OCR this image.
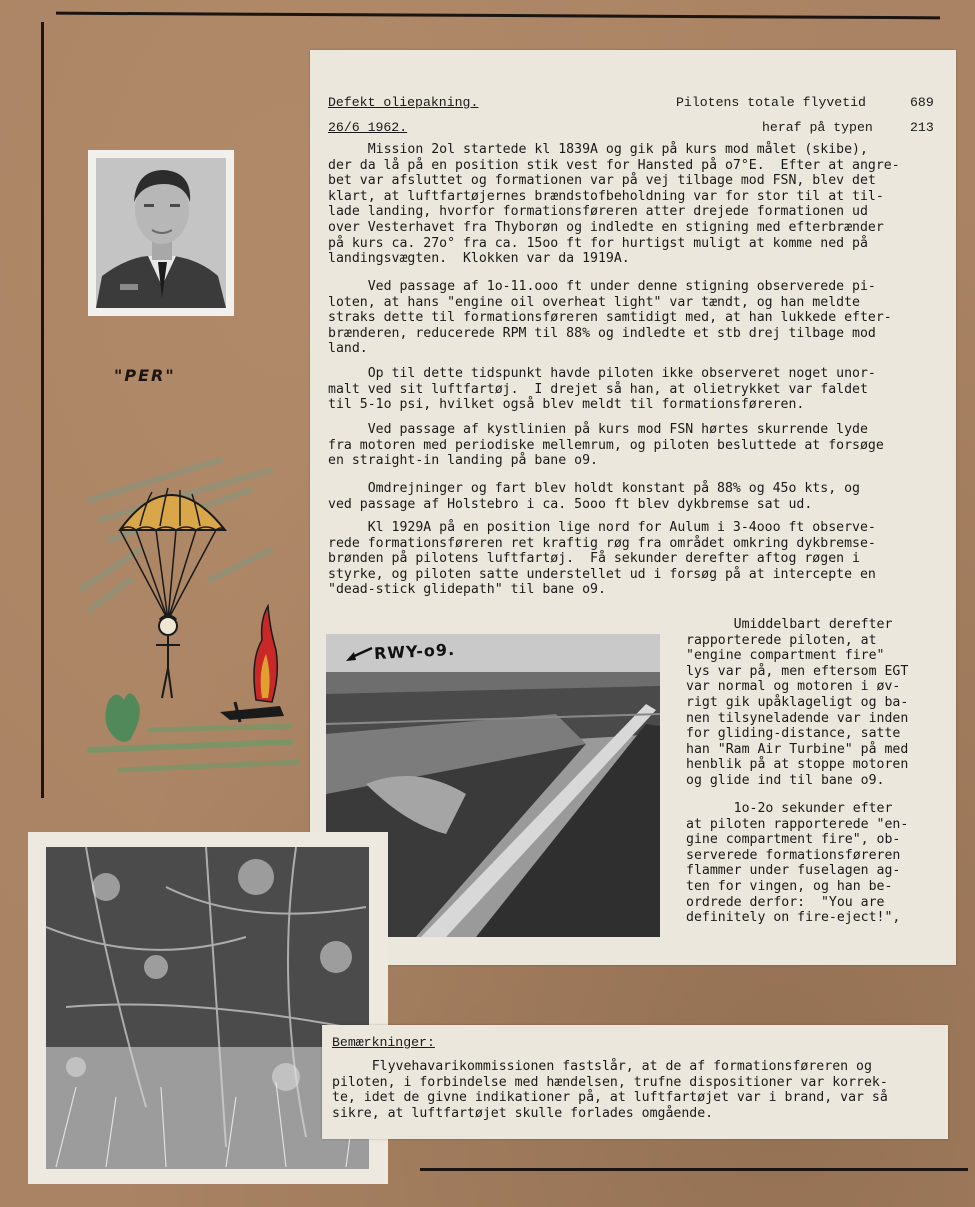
"PER"
Defekt oliepakning.
26/6 1962.
Pilotens totale flyvetid	689
heraf på typen	213
Mission 2ol startede kl 1839A og gik på kurs mod målet (skibe),
der da lå på en position stik vest for Hansted på o7°E.  Efter at angre-
bet var afsluttet og formationen var på vej tilbage mod FSN, blev det
klart, at luftfartøjernes brændstofbeholdning var for stor til at til-
lade landing, hvorfor formationsføreren atter drejede formationen ud
over Vesterhavet fra Thyborøn og indledte en stigning med efterbrænder
på kurs ca. 27o° fra ca. 15oo ft for hurtigst muligt at komme ned på
landingsvægten.  Klokken var da 1919A.
Ved passage af 1o-11.ooo ft under denne stigning observerede pi-
loten, at hans "engine oil overheat light" var tændt, og han meldte
straks dette til formationsføreren samtidigt med, at han lukkede efter-
brænderen, reducerede RPM til 88% og indledte et stb drej tilbage mod
land.
Op til dette tidspunkt havde piloten ikke observeret noget unor-
malt ved sit luftfartøj.  I drejet så han, at olietrykket var faldet
til 5-1o psi, hvilket også blev meldt til formationsføreren.
Ved passage af kystlinien på kurs mod FSN hørtes skurrende lyde
fra motoren med periodiske mellemrum, og piloten besluttede at forsøge
en straight-in landing på bane o9.
Omdrejninger og fart blev holdt konstant på 88% og 45o kts, og
ved passage af Holstebro i ca. 5ooo ft blev dykbremse sat ud.
Kl 1929A på en position lige nord for Aulum i 3-4ooo ft observe-
rede formationsføreren ret kraftig røg fra området omkring dykbremse-
brønden på pilotens luftfartøj.  Få sekunder derefter aftog røgen i
styrke, og piloten satte understellet ud i forsøg på at intercepte en
"dead-stick glidepath" til bane o9.
RWY-o9.
Umiddelbart derefter
rapporterede piloten, at
"engine compartment fire"
lys var på, men eftersom EGT
var normal og motoren i øv-
rigt gik upåklageligt og ba-
nen tilsyneladende var inden
for gliding-distance, satte
han "Ram Air Turbine" på med
henblik på at stoppe motoren
og glide ind til bane o9.
1o-2o sekunder efter
at piloten rapporterede "en-
gine compartment fire", ob-
serverede formationsføreren
flammer under fuselagen ag-
ten for vingen, og han be-
ordrede derfor:  "You are
definitely on fire-eject!",
Bemærkninger:
Flyvehavarikommissionen fastslår, at de af formationsføreren og
piloten, i forbindelse med hændelsen, trufne dispositioner var korrek-
te, idet de givne indikationer på, at luftfartøjet var i brand, var så
sikre, at luftfartøjet skulle forlades omgående.
